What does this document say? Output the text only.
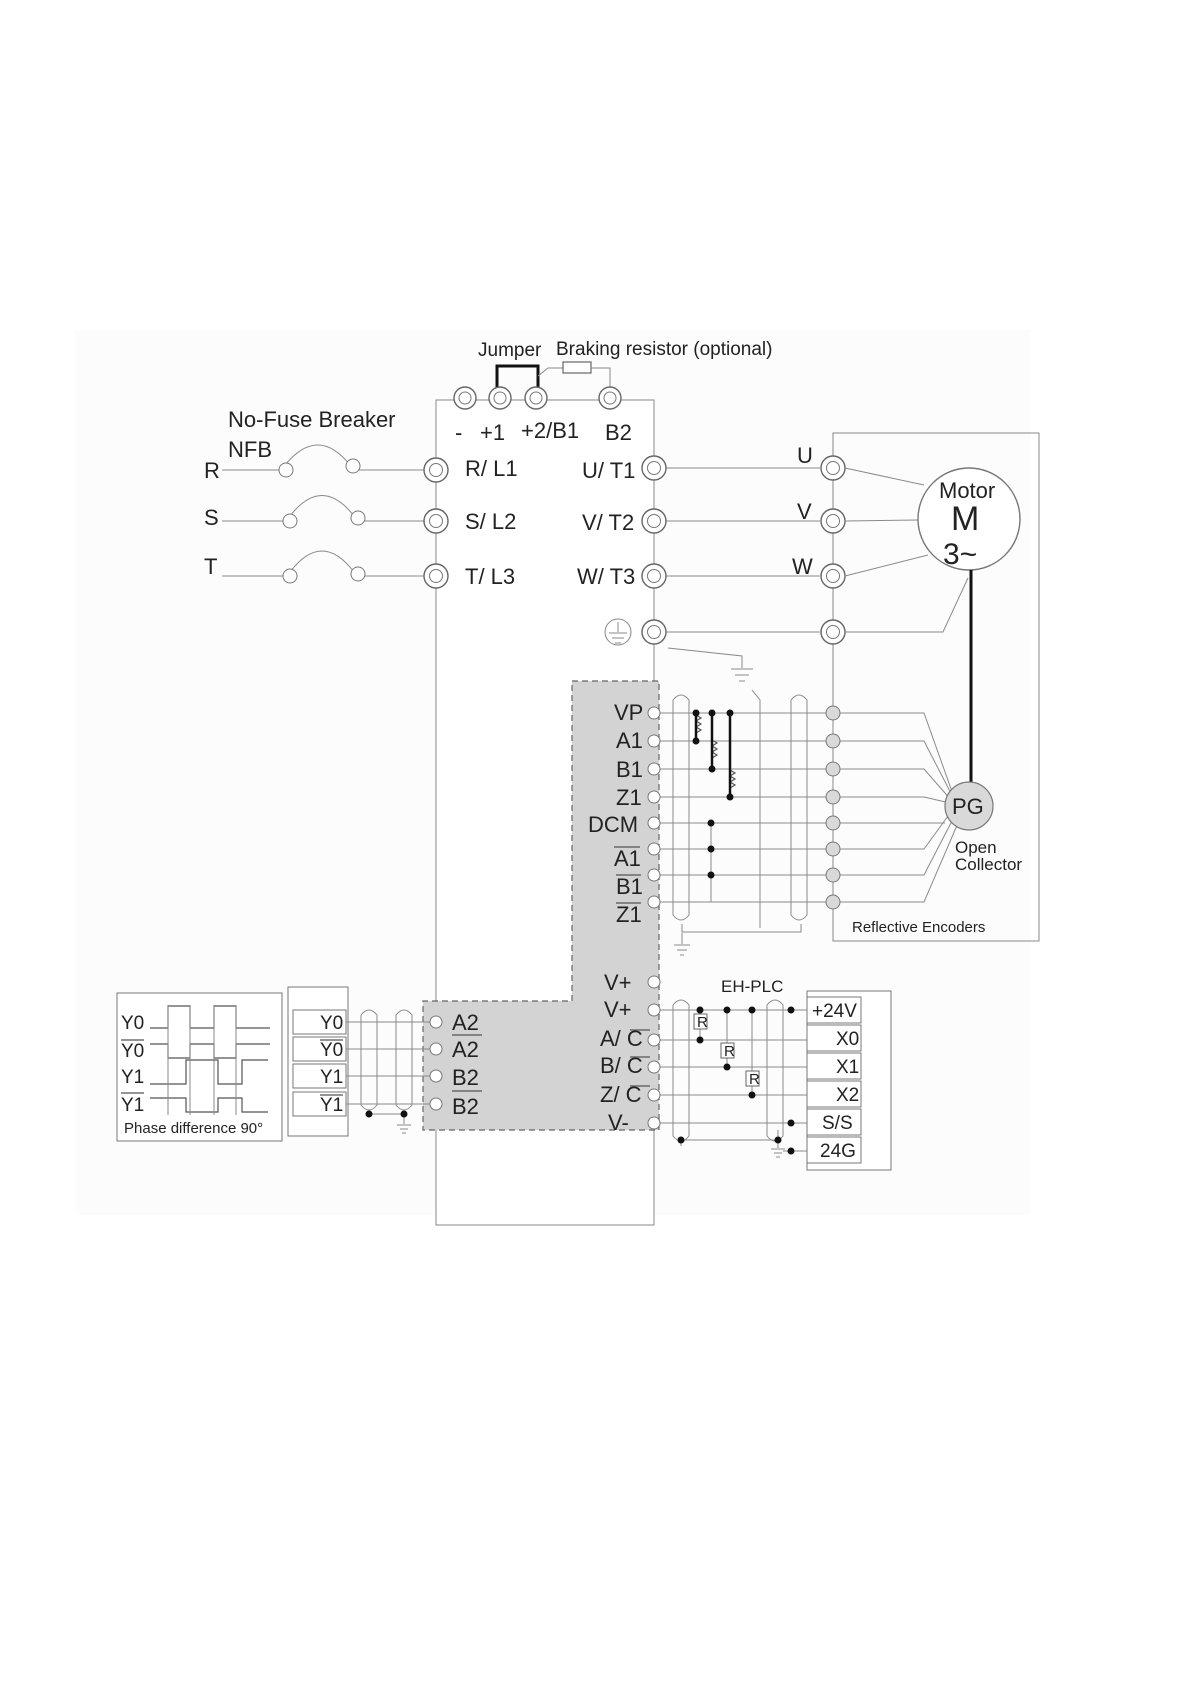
Jumper Braking resistor (optional)
- +1 +2/B1 B2
No-Fuse Breaker
NFB
R
S
T
R/ L1
S/ L2
T/ L3
U/ T1
V/ T2
W/ T3
U
V
W
Motor
M
3~
VP
A1
B1
Z1
DCM
A1
B1
Z1
PG
Open
Collector
Reflective Encoders
V+
V+
A/ C
B/ C
Z/ C
V-
EH-PLC
R
R
R
+24V
X0
X1
X2
S/S
24G
Y0
Y0
Y1
Y1
Phase difference 90°
Y0
Y0
Y1
Y1
A2
A2
B2
B2
